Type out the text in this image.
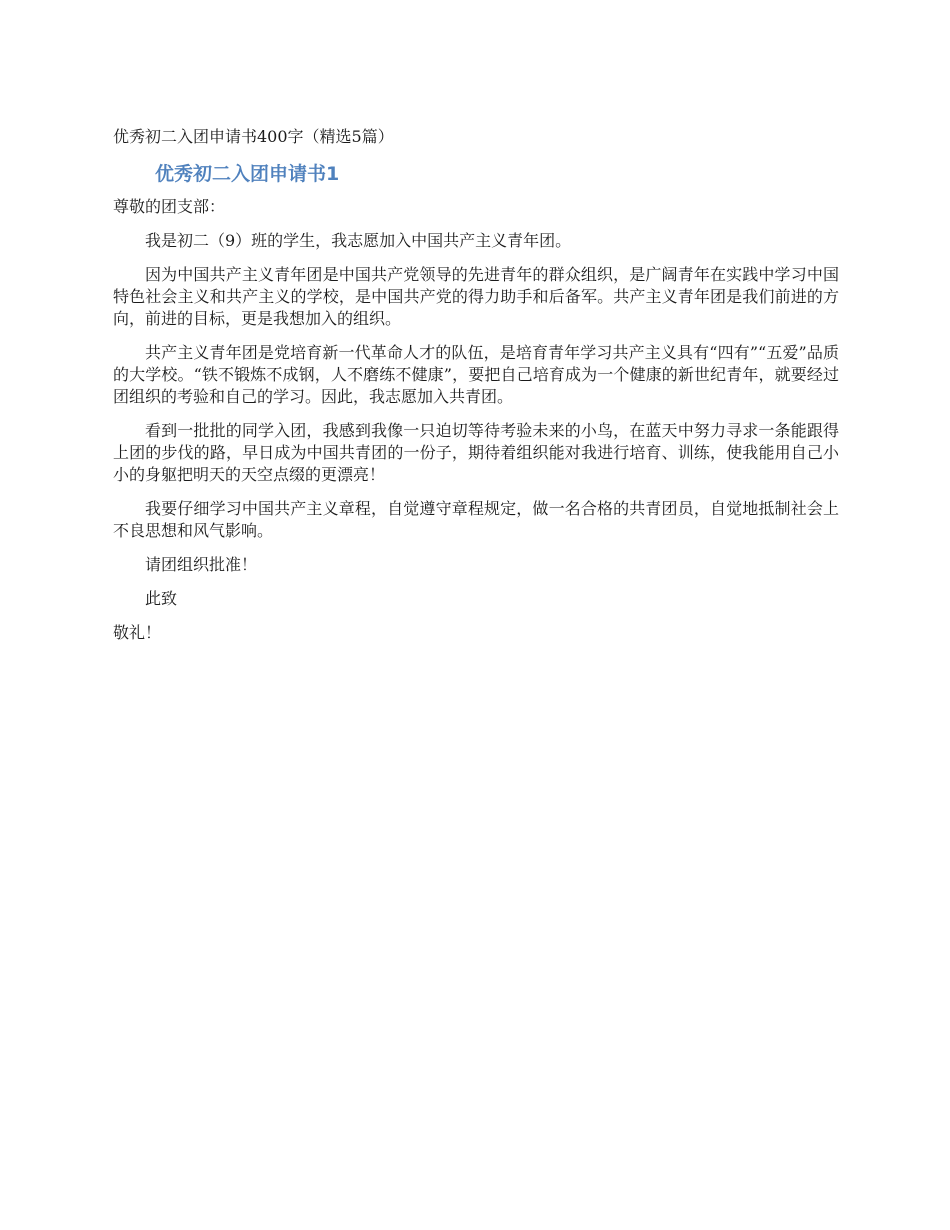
优秀初二入团申请书400字（精选5篇）
优秀初二入团申请书1

尊敬的团支部：

我是初二（9）班的学生，我志愿加入中国共产主义青年团。

因为中国共产主义青年团是中国共产党领导的先进青年的群众组织，是广阔青年在实践中学习中国特色社会主义和共产主义的学校，是中国共产党的得力助手和后备军。共产主义青年团是我们前进的方向，前进的目标，更是我想加入的组织。

共产主义青年团是党培育新一代革命人才的队伍，是培育青年学习共产主义具有“四有”“五爱”品质的大学校。“铁不锻炼不成钢，人不磨练不健康”，要把自己培育成为一个健康的新世纪青年，就要经过团组织的考验和自己的学习。因此，我志愿加入共青团。

看到一批批的同学入团，我感到我像一只迫切等待考验未来的小鸟，在蓝天中努力寻求一条能跟得上团的步伐的路，早日成为中国共青团的一份子，期待着组织能对我进行培育、训练，使我能用自己小小的身躯把明天的天空点缀的更漂亮！

我要仔细学习中国共产主义章程，自觉遵守章程规定，做一名合格的共青团员，自觉地抵制社会上不良思想和风气影响。

请团组织批准！

此致

敬礼！
